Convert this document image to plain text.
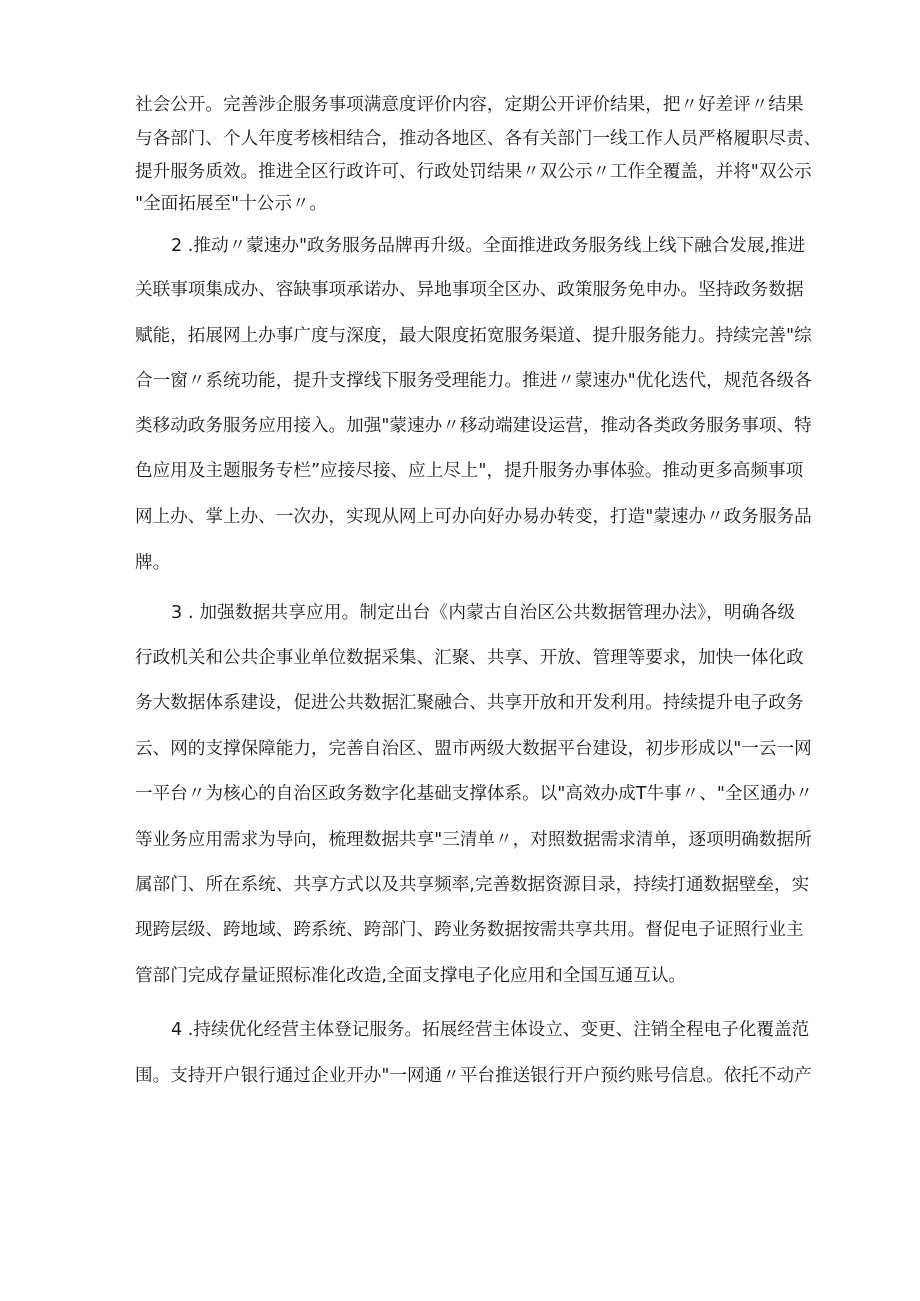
社会公开。完善涉企服务事项满意度评价内容，定期公开评价结果，把〃好差评〃结果
与各部门、个人年度考核相结合，推动各地区、各有关部门一线工作人员严格履职尽责、
提升服务质效。推进全区行政许可、行政处罚结果〃双公示〃工作全覆盖，并将"双公示
"全面拓展至"十公示〃。
2 .推动〃蒙速办"政务服务品牌再升级。全面推进政务服务线上线下融合发展,推进
关联事项集成办、容缺事项承诺办、异地事项全区办、政策服务免申办。坚持政务数据
赋能，拓展网上办事广度与深度，最大限度拓宽服务渠道、提升服务能力。持续完善"综
合一窗〃系统功能，提升支撑线下服务受理能力。推进〃蒙速办"优化迭代，规范各级各
类移动政务服务应用接入。加强"蒙速办〃移动端建设运营，推动各类政务服务事项、特
色应用及主题服务专栏”应接尽接、应上尽上"，提升服务办事体验。推动更多高频事项
网上办、掌上办、一次办，实现从网上可办向好办易办转变，打造"蒙速办〃政务服务品
牌。
3 . 加强数据共享应用。制定出台《内蒙古自治区公共数据管理办法》，明确各级
行政机关和公共企事业单位数据采集、汇聚、共享、开放、管理等要求，加快一体化政
务大数据体系建设，促进公共数据汇聚融合、共享开放和开发利用。持续提升电子政务
云、网的支撑保障能力，完善自治区、盟市两级大数据平台建设，初步形成以"一云一网
一平台〃为核心的自治区政务数字化基础支撑体系。以"高效办成T牛事〃、"全区通办〃
等业务应用需求为导向，梳理数据共享"三清单〃，对照数据需求清单，逐项明确数据所
属部门、所在系统、共享方式以及共享频率,完善数据资源目录，持续打通数据壁垒，实
现跨层级、跨地域、跨系统、跨部门、跨业务数据按需共享共用。督促电子证照行业主
管部门完成存量证照标准化改造,全面支撑电子化应用和全国互通互认。
4 .持续优化经营主体登记服务。拓展经营主体设立、变更、注销全程电子化覆盖范
围。支持开户银行通过企业开办"一网通〃平台推送银行开户预约账号信息。依托不动产
